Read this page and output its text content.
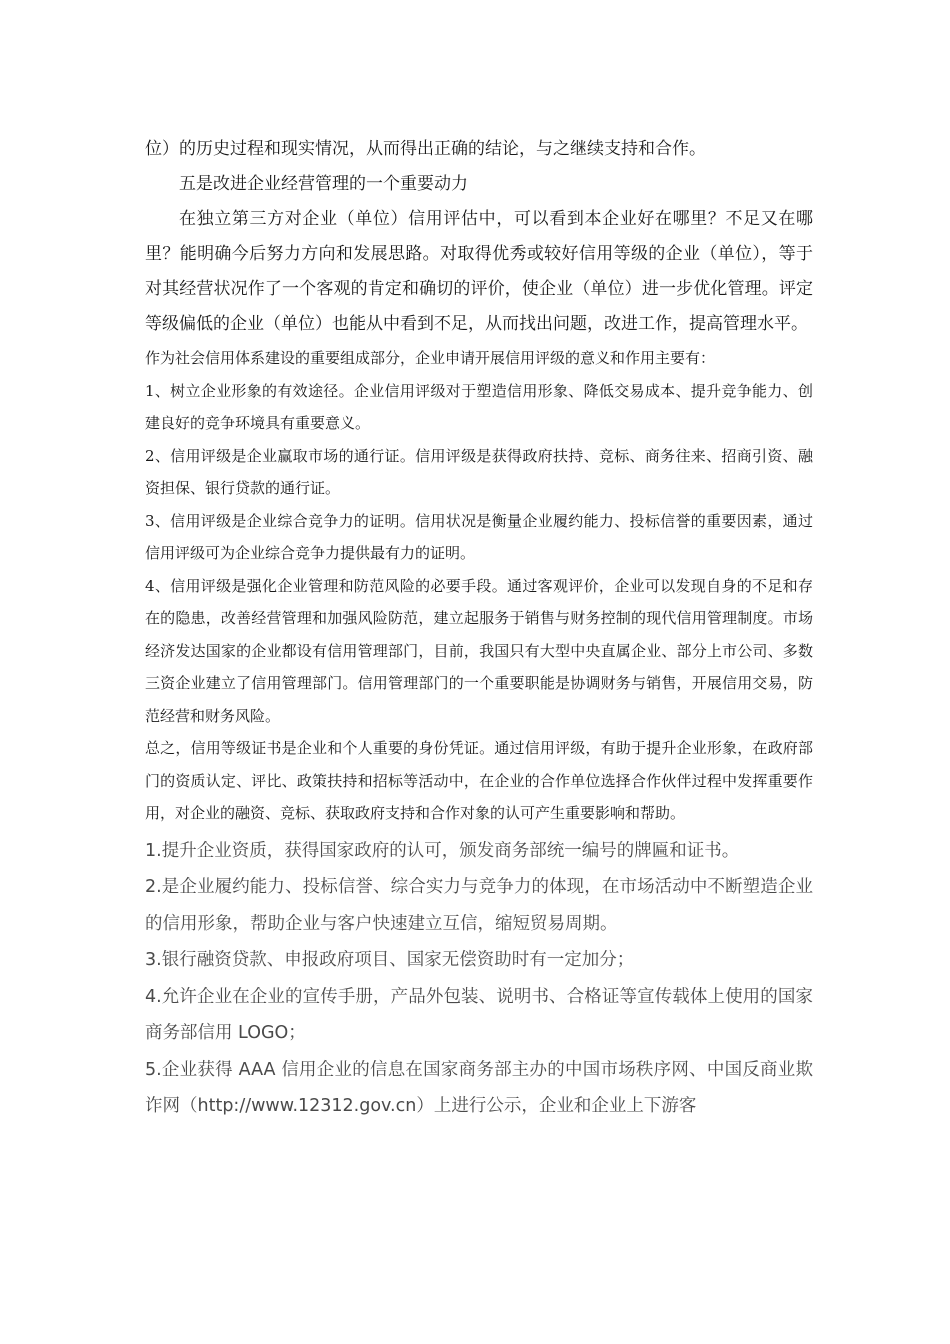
位）的历史过程和现实情况，从而得出正确的结论，与之继续支持和合作。

五是改进企业经营管理的一个重要动力

在独立第三方对企业（单位）信用评估中，可以看到本企业好在哪里？不足又在哪里？能明确今后努力方向和发展思路。对取得优秀或较好信用等级的企业（单位），等于对其经营状况作了一个客观的肯定和确切的评价，使企业（单位）进一步优化管理。评定等级偏低的企业（单位）也能从中看到不足，从而找出问题，改进工作，提高管理水平。

作为社会信用体系建设的重要组成部分，企业申请开展信用评级的意义和作用主要有：

1、树立企业形象的有效途径。企业信用评级对于塑造信用形象、降低交易成本、提升竞争能力、创建良好的竞争环境具有重要意义。

2、信用评级是企业赢取市场的通行证。信用评级是获得政府扶持、竞标、商务往来、招商引资、融资担保、银行贷款的通行证。

3、信用评级是企业综合竞争力的证明。信用状况是衡量企业履约能力、投标信誉的重要因素，通过信用评级可为企业综合竞争力提供最有力的证明。

4、信用评级是强化企业管理和防范风险的必要手段。通过客观评价，企业可以发现自身的不足和存在的隐患，改善经营管理和加强风险防范，建立起服务于销售与财务控制的现代信用管理制度。市场经济发达国家的企业都设有信用管理部门，目前，我国只有大型中央直属企业、部分上市公司、多数三资企业建立了信用管理部门。信用管理部门的一个重要职能是协调财务与销售，开展信用交易，防范经营和财务风险。

总之，信用等级证书是企业和个人重要的身份凭证。通过信用评级，有助于提升企业形象，在政府部门的资质认定、评比、政策扶持和招标等活动中，在企业的合作单位选择合作伙伴过程中发挥重要作用，对企业的融资、竞标、获取政府支持和合作对象的认可产生重要影响和帮助。

1.提升企业资质，获得国家政府的认可，颁发商务部统一编号的牌匾和证书。

2.是企业履约能力、投标信誉、综合实力与竞争力的体现，在市场活动中不断塑造企业的信用形象，帮助企业与客户快速建立互信，缩短贸易周期。

3.银行融资贷款、申报政府项目、国家无偿资助时有一定加分；

4.允许企业在企业的宣传手册，产品外包装、说明书、合格证等宣传载体上使用的国家商务部信用 LOGO；

5.企业获得 AAA 信用企业的信息在国家商务部主办的中国市场秩序网、中国反商业欺诈网（http://www.12312.gov.cn）上进行公示，企业和企业上下游客
